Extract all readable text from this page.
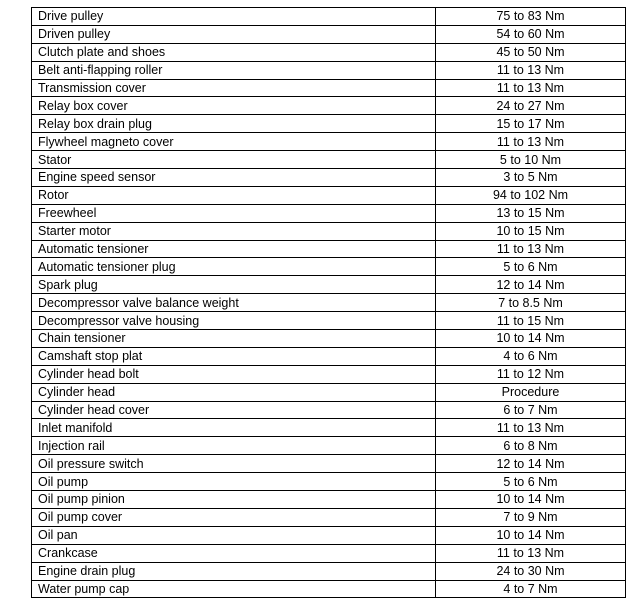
Drive pulley	75 to 83 Nm
Driven pulley	54 to 60 Nm
Clutch plate and shoes	45 to 50 Nm
Belt anti-flapping roller	11 to 13 Nm
Transmission cover	11 to 13 Nm
Relay box cover	24 to 27 Nm
Relay box drain plug	15 to 17 Nm
Flywheel magneto cover	11 to 13 Nm
Stator	5 to 10 Nm
Engine speed sensor	3 to 5 Nm
Rotor	94 to 102 Nm
Freewheel	13 to 15 Nm
Starter motor	10 to 15 Nm
Automatic tensioner	11 to 13 Nm
Automatic tensioner plug	5 to 6 Nm
Spark plug	12 to 14 Nm
Decompressor valve balance weight	7 to 8.5 Nm
Decompressor valve housing	11 to 15 Nm
Chain tensioner	10 to 14 Nm
Camshaft stop plat	4 to 6 Nm
Cylinder head bolt	11 to 12 Nm
Cylinder head	Procedure
Cylinder head cover	6 to 7 Nm
Inlet manifold	11 to 13 Nm
Injection rail	6 to 8 Nm
Oil pressure switch	12 to 14 Nm
Oil pump	5 to 6 Nm
Oil pump pinion	10 to 14 Nm
Oil pump cover	7 to 9 Nm
Oil pan	10 to 14 Nm
Crankcase	11 to 13 Nm
Engine drain plug	24 to 30 Nm
Water pump cap	4 to 7 Nm
